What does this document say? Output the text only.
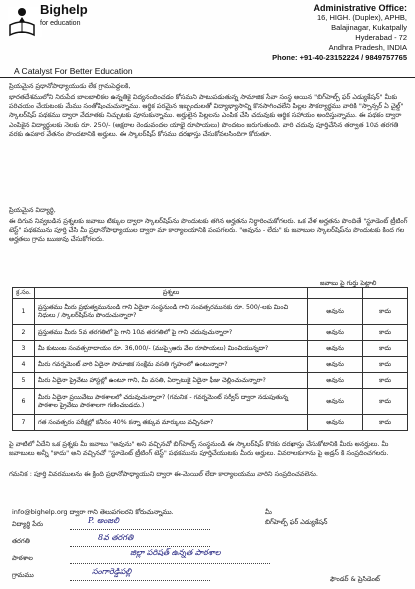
Bighelp
for education
A Catalyst For Better Education
Administrative Office:
16, HIGH. (Duplex), APHB,
Balajinagar, Kukatpally
Hyderabad - 72
Andhra Pradesh, INDIA
Phone: +91-40-23152224 / 9849757765
ప్రియమైన ప్రధానోపాధ్యాయుడు లేక గ్రామపెద్దలకి,
భారతదేశములోని నిరుపేద బాలబాలికల ఉన్నతికై విద్యనందించడం కోసమని పాటుపడుతున్న సామాజిక సేవా సంస్థ అయిన "బిగ్‌హెల్ప్ ఫర్ ఎడ్యుకేషన్" మీకు పరిచయం చేయటంకు మేము సంతోషించుచున్నాము. ఆర్థిక పరమైన ఇబ్బందులతో విద్యాభ్యాసాన్ని కొనసాగించలేని పిల్లల సౌకర్యార్థము వారికి "స్పాన్సర్ ఏ చైల్డ్" స్కాలర్‌షిప్ పథకము ద్వారా వేదూతకు నిచ్చుటకు పూనుకున్నాము. అర్హులైన పిల్లలను ఎంపిక చేసి చదువుకు ఆర్థిక సహాయం అందిస్తున్నాము. ఈ పథకం ద్వారా ఎంపికైన విద్యార్థులకు నెలకు రూ. 250/- (అక్షరాల రెండువందల యాభై రూపాయలు) పొందటం జరుగుతుంది. వారి చదువు పూర్తిచేసిన తర్వాత 10వ తరగతి వరకు ఉపకార వేతనం పొందటానికి అర్హులు. ఈ స్కాలర్‌షిప్ కోసము దరఖాస్తు చేసుకోవలసిందిగా కోరుతూ.
ప్రియమైన విద్యార్థి,
ఈ దిగువ నివ్వబడిన ప్రశ్నలకు జవాబు టిక్కుల ద్వారా స్కాలర్‌షిప్‌ను పొందుటకు తగిన అర్హతను నిర్ధారించుకోగలరు. ఒక వేళ అర్హతను పొందితే "స్టూడెంట్ ట్రీటింగ్ టెస్ట్" పథకమును పూర్తి చేసి మీ ప్రధానోపాధ్యాయుల ద్వారా మా కార్యాలయానికి పంపగలరు. "అవును - లేదు" కు జవాబుల స్కాలర్‌షిప్‌ను పొందుటకు కింద గల అర్హతలు గ్రామ ఋజువు చేసుకోగలరు.
జవాబు పై గుర్తు పెట్టాలి
క్ర.సం.	ప్రశ్నలు		
1	ప్రస్తుతము మీరు ప్రభుత్వమునుండి గాని ఏదైనా సంస్థనుండి గాని సంవత్సరమునకు రూ. 500/-లకు మించి నిధులు / స్కాలర్‌షిప్‌ను పొందుచున్నారా?	అవును	కాదు
2	ప్రస్తుతము మీరు 5వ తరగతిలో పై గాని 10వ తరగతిలో పై గాని చదువుచున్నారా?	అవును	కాదు
3	మీ కుటుంబ సంవత్సరాదాయం రూ. 36,000/- (ముప్పైఆరు వేల రూపాయలు) మించియున్నదా?	అవును	కాదు
4	మీరు గవర్నమెంట్ వారి ఏదైనా సామాజిక సంక్షేమ వసతి గృహంలో ఉంటున్నారా?	అవును	కాదు
5	మీరు ఏదైనా ప్రైవేటు హాస్టల్లో ఉంటూ గాని, మీ వసతి, ఏర్పాటుకై ఏదైనా ఫీజు చెల్లించుచున్నారా?	అవును	కాదు
6	మీరు ఏదైనా ప్రయివేటు పాఠశాలలో చదువుచున్నారా? (గమనిక - గవర్నమెంట్ సర్వీస్ ద్వారా నడుపుతున్న పాఠశాల ప్రైవేటు పాఠశాలగా గణించబడదు.)	అవును	కాదు
7	గత సంవత్సరం పరీక్షల్లో కనీసం 40% కన్నా తక్కువ మార్కులు వచ్చినవా?	అవును	కాదు
పై వాటిలో ఏదేని ఒక ప్రశ్నకు మీ జవాబు "అవును" అని వచ్చినచో బిగ్‌హెల్ప్ సంస్థనుండి ఈ స్కాలర్‌షిప్ కొరకు దరఖాస్తు చేసుకోటానికి మీరు అనర్హులు. మీ జవాబులు అన్నీ "కాదు" అని వచ్చినచో "స్టూడెంట్ ట్రీటింగ్ టెస్ట్" పథకమును పూర్తిచేయుటకు మీరు అర్హులు. వివరాలకుగాను పై అడ్రస్ కి సంప్రదించగలరు.
గమనిక : పూర్తి వివరములను ఈ క్రింది ప్రధానోపాధ్యాయుని ద్వారా ఈ-మెయిల్ లేదా కార్యాలయము వారిని సంప్రదించవలెను.
info@bighelp.org ద్వారా గాని తెలుపగలరని కోరుచున్నాము.	మీ
బిగ్‌హెల్ప్ ఫర్ ఎడ్యుకేషన్
ఫౌండర్ & ప్రెసిడెంట్
విద్యార్థి పేరు	P. అంజలి
తరగతి	8వ తరగతి
పాఠశాల
జిల్లా పరిషత్ ఉన్నత పాఠశాల
గ్రామము	సంగారెడ్డిపల్లి
